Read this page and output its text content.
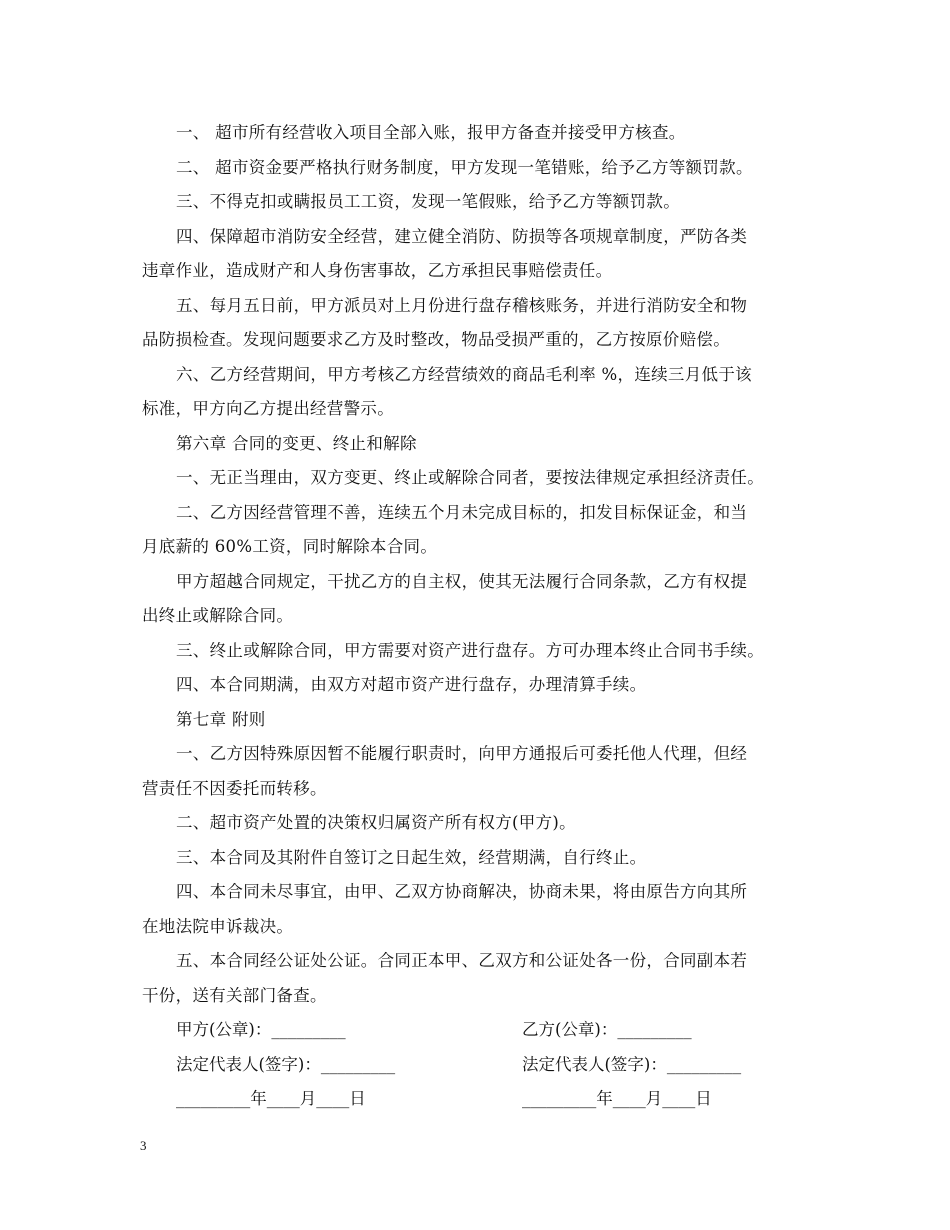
一、 超市所有经营收入项目全部入账，报甲方备查并接受甲方核查。
二、 超市资金要严格执行财务制度，甲方发现一笔错账，给予乙方等额罚款。
三、不得克扣或瞒报员工工资，发现一笔假账，给予乙方等额罚款。
四、保障超市消防安全经营，建立健全消防、防损等各项规章制度，严防各类
违章作业，造成财产和人身伤害事故，乙方承担民事赔偿责任。
五、每月五日前，甲方派员对上月份进行盘存稽核账务，并进行消防安全和物
品防损检查。发现问题要求乙方及时整改，物品受损严重的，乙方按原价赔偿。
六、乙方经营期间，甲方考核乙方经营绩效的商品毛利率 %，连续三月低于该
标准，甲方向乙方提出经营警示。
第六章 合同的变更、终止和解除
一、无正当理由，双方变更、终止或解除合同者，要按法律规定承担经济责任。
二、乙方因经营管理不善，连续五个月未完成目标的，扣发目标保证金，和当
月底薪的 60%工资，同时解除本合同。
甲方超越合同规定，干扰乙方的自主权，使其无法履行合同条款，乙方有权提
出终止或解除合同。
三、终止或解除合同，甲方需要对资产进行盘存。方可办理本终止合同书手续。
四、本合同期满，由双方对超市资产进行盘存，办理清算手续。
第七章 附则
一、乙方因特殊原因暂不能履行职责时，向甲方通报后可委托他人代理，但经
营责任不因委托而转移。
二、超市资产处置的决策权归属资产所有权方(甲方)。
三、本合同及其附件自签订之日起生效，经营期满，自行终止。
四、本合同未尽事宜，由甲、乙双方协商解决，协商未果，将由原告方向其所
在地法院申诉裁决。
五、本合同经公证处公证。合同正本甲、乙双方和公证处各一份，合同副本若
干份，送有关部门备查。
甲方(公章)：_________	乙方(公章)：_________
法定代表人(签字)：_________	法定代表人(签字)：_________
_________年____月____日	_________年____月____日
3
